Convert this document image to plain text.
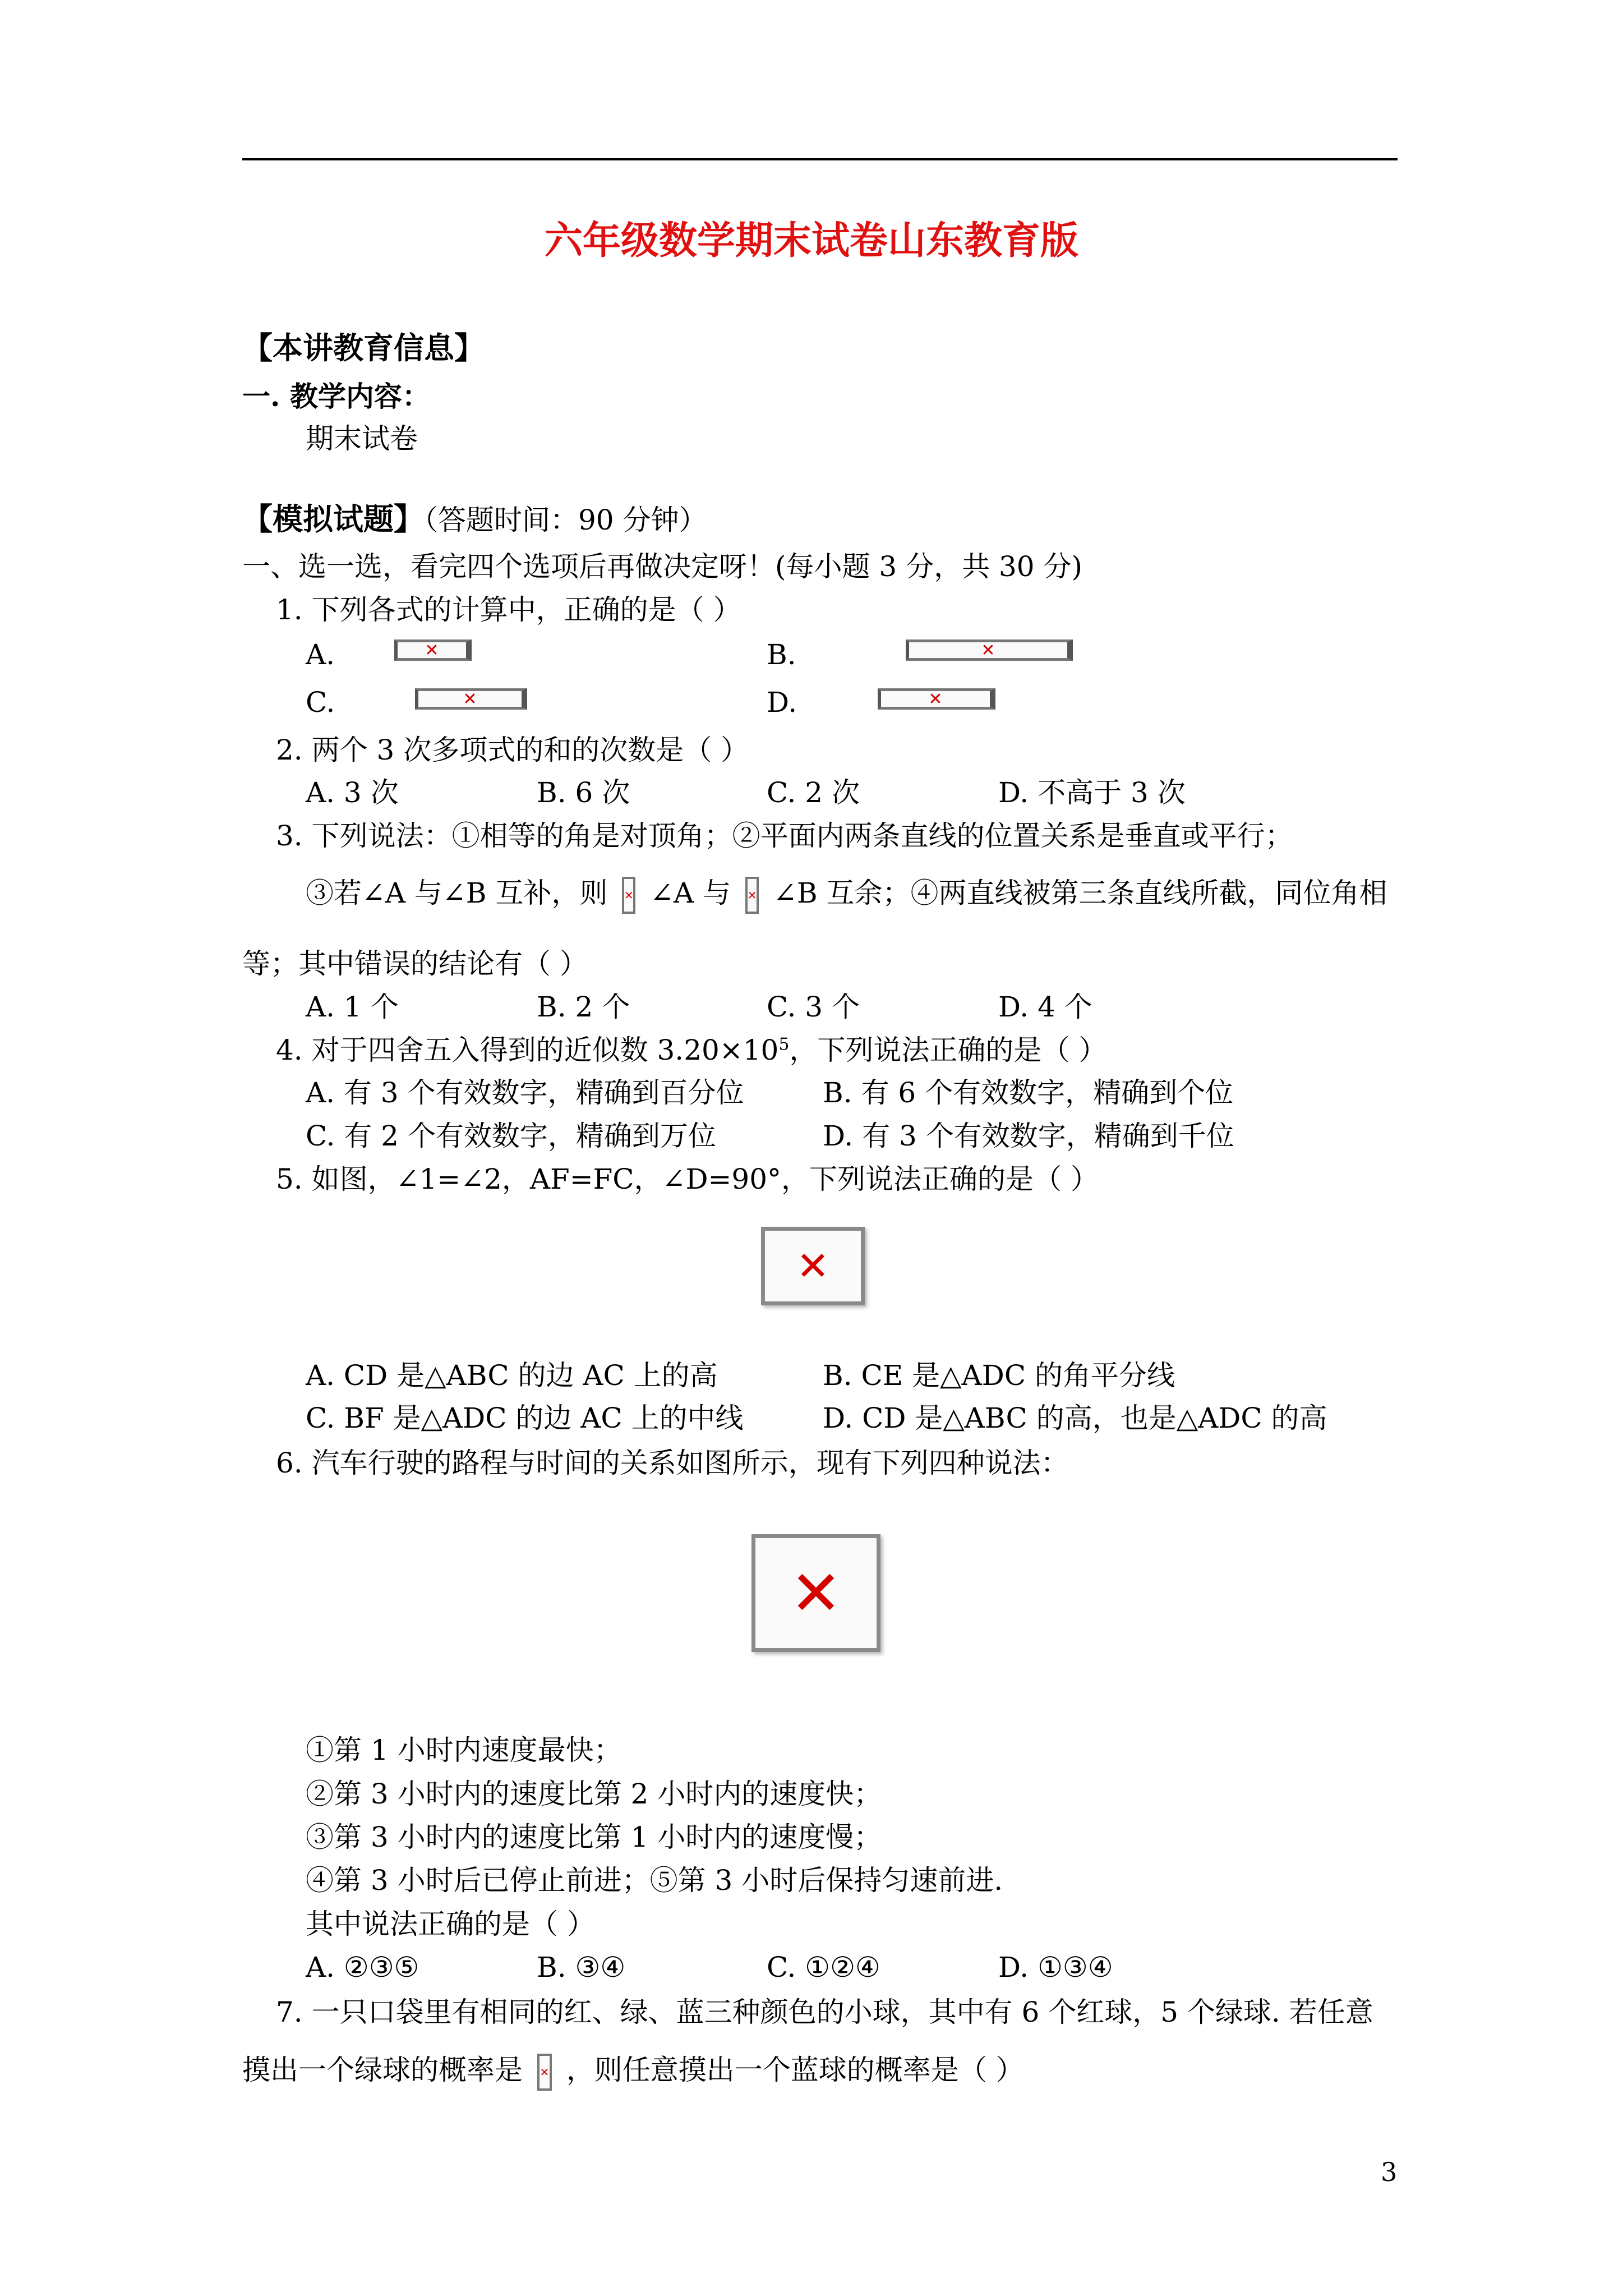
六年级数学期末试卷山东教育版
【本讲教育信息】
一. 教学内容：
期末试卷
【模拟试题】（答题时间：90 分钟）
一、选一选，看完四个选项后再做决定呀！(每小题 3 分，共 30 分)
1. 下列各式的计算中，正确的是（ ）
A.	✕	B.	✕
C.	✕	D.	✕
2. 两个 3 次多项式的和的次数是（ ）
A. 3 次	B. 6 次	C. 2 次	D. 不高于 3 次
3. 下列说法：①相等的角是对顶角；②平面内两条直线的位置关系是垂直或平行；
③若∠A 与∠B 互补，则 ✕ ∠A 与 ✕ ∠B 互余；④两直线被第三条直线所截，同位角相
等；其中错误的结论有（ ）
A. 1 个	B. 2 个	C. 3 个	D. 4 个
4. 对于四舍五入得到的近似数 $3.20\times 10^5$，下列说法正确的是（ ）
A. 有 3 个有效数字，精确到百分位	B. 有 6 个有效数字，精确到个位
C. 有 2 个有效数字，精确到万位	D. 有 3 个有效数字，精确到千位
5. 如图，∠1=∠2，AF=FC，∠D=90°，下列说法正确的是（ ）
✕
A. CD 是△ABC 的边 AC 上的高	B. CE 是△ADC 的角平分线
C. BF 是△ADC 的边 AC 上的中线	D. CD 是△ABC 的高，也是△ADC 的高
6. 汽车行驶的路程与时间的关系如图所示，现有下列四种说法：
✕
①第 1 小时内速度最快；
②第 3 小时内的速度比第 2 小时内的速度快；
③第 3 小时内的速度比第 1 小时内的速度慢；
④第 3 小时后已停止前进；⑤第 3 小时后保持匀速前进.
其中说法正确的是（ ）
A. ②③⑤	B. ③④	C. ①②④	D. ①③④
7. 一只口袋里有相同的红、绿、蓝三种颜色的小球，其中有 6 个红球，5 个绿球. 若任意
摸出一个绿球的概率是 ✕ ，则任意摸出一个蓝球的概率是（ ）
3
